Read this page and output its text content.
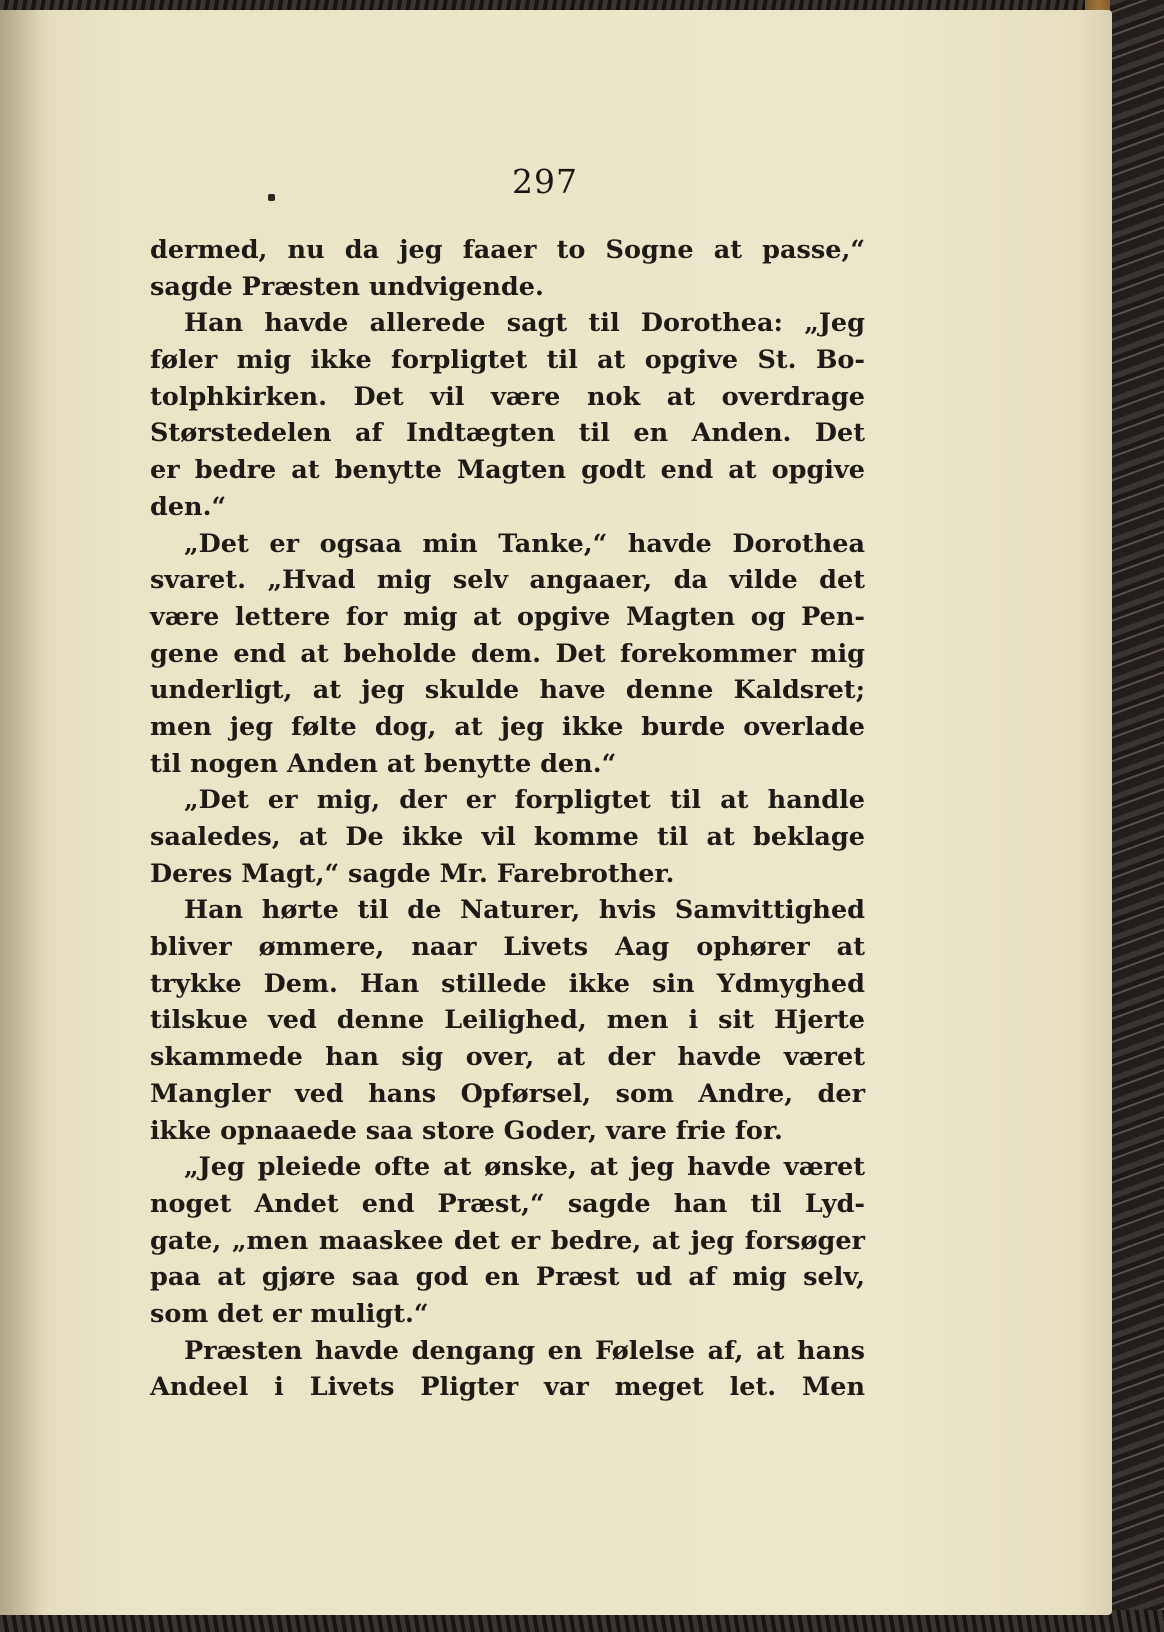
297
dermed, nu da jeg faaer to Sogne at passe,“
sagde Præsten undvigende.
Han havde allerede sagt til Dorothea: „Jeg
føler mig ikke forpligtet til at opgive St. Bo-
tolphkirken. Det vil være nok at overdrage
Størstedelen af Indtægten til en Anden. Det
er bedre at benytte Magten godt end at opgive
den.“
„Det er ogsaa min Tanke,“ havde Dorothea
svaret. „Hvad mig selv angaaer, da vilde det
være lettere for mig at opgive Magten og Pen-
gene end at beholde dem. Det forekommer mig
underligt, at jeg skulde have denne Kaldsret;
men jeg følte dog, at jeg ikke burde overlade
til nogen Anden at benytte den.“
„Det er mig, der er forpligtet til at handle
saaledes, at De ikke vil komme til at beklage
Deres Magt,“ sagde Mr. Farebrother.
Han hørte til de Naturer, hvis Samvittighed
bliver ømmere, naar Livets Aag ophører at
trykke Dem. Han stillede ikke sin Ydmyghed
tilskue ved denne Leilighed, men i sit Hjerte
skammede han sig over, at der havde været
Mangler ved hans Opførsel, som Andre, der
ikke opnaaede saa store Goder, vare frie for.
„Jeg pleiede ofte at ønske, at jeg havde været
noget Andet end Præst,“ sagde han til Lyd-
gate, „men maaskee det er bedre, at jeg forsøger
paa at gjøre saa god en Præst ud af mig selv,
som det er muligt.“
Præsten havde dengang en Følelse af, at hans
Andeel i Livets Pligter var meget let. Men
